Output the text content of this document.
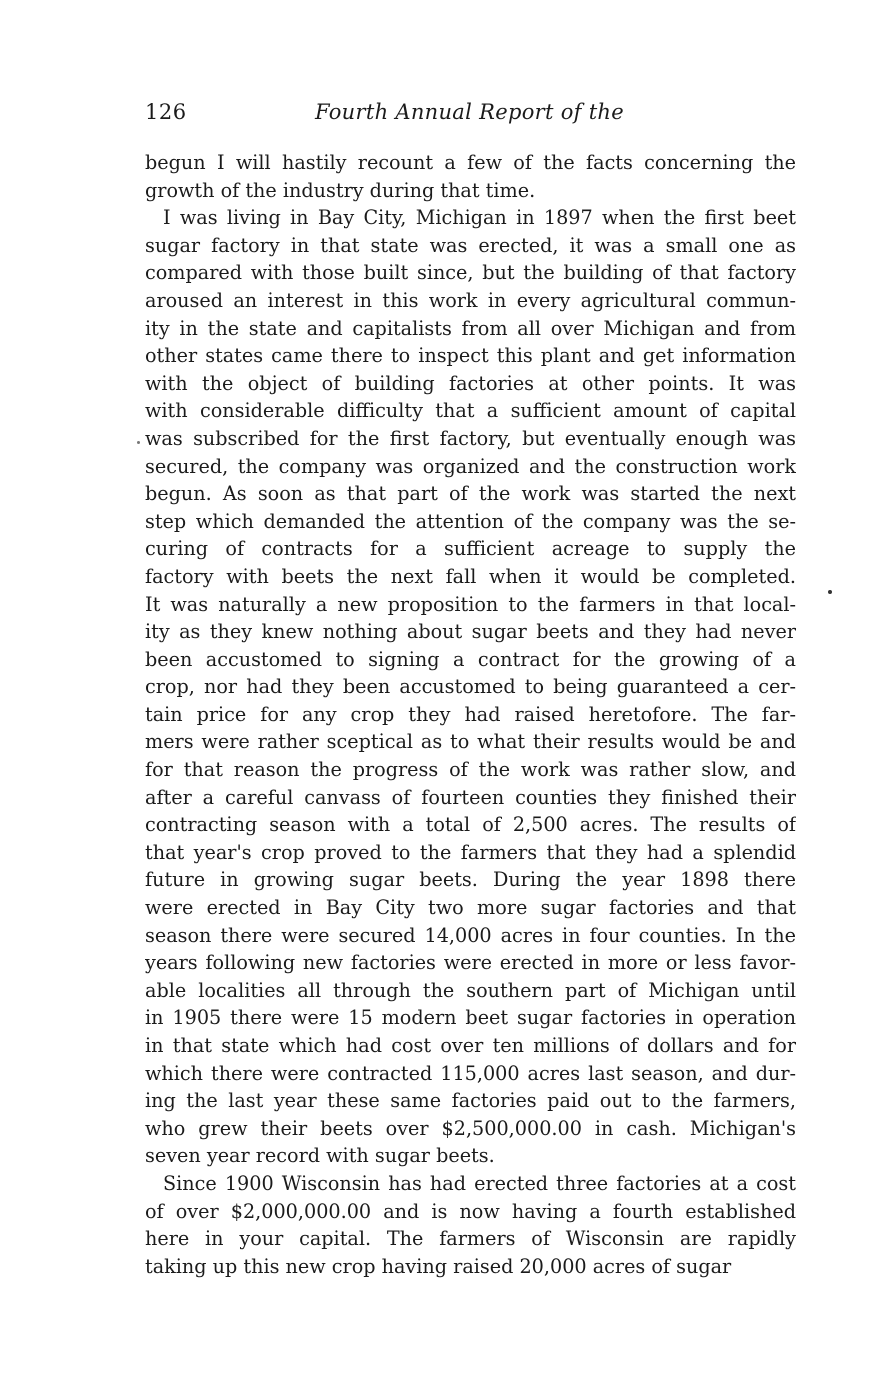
126	Fourth Annual Report of the
begun I will hastily recount a few of the facts concerning the
growth of the industry during that time.
I was living in Bay City, Michigan in 1897 when the first beet
sugar factory in that state was erected, it was a small one as
compared with those built since, but the building of that factory
aroused an interest in this work in every agricultural commun-
ity in the state and capitalists from all over Michigan and from
other states came there to inspect this plant and get information
with the object of building factories at other points. It was
with considerable difficulty that a sufficient amount of capital
was subscribed for the first factory, but eventually enough was
secured, the company was organized and the construction work
begun. As soon as that part of the work was started the next
step which demanded the attention of the company was the se-
curing of contracts for a sufficient acreage to supply the
factory with beets the next fall when it would be completed.
It was naturally a new proposition to the farmers in that local-
ity as they knew nothing about sugar beets and they had never
been accustomed to signing a contract for the growing of a
crop, nor had they been accustomed to being guaranteed a cer-
tain price for any crop they had raised heretofore. The far-
mers were rather sceptical as to what their results would be and
for that reason the progress of the work was rather slow, and
after a careful canvass of fourteen counties they finished their
contracting season with a total of 2,500 acres. The results of
that year's crop proved to the farmers that they had a splendid
future in growing sugar beets. During the year 1898 there
were erected in Bay City two more sugar factories and that
season there were secured 14,000 acres in four counties. In the
years following new factories were erected in more or less favor-
able localities all through the southern part of Michigan until
in 1905 there were 15 modern beet sugar factories in operation
in that state which had cost over ten millions of dollars and for
which there were contracted 115,000 acres last season, and dur-
ing the last year these same factories paid out to the farmers,
who grew their beets over $2,500,000.00 in cash. Michigan's
seven year record with sugar beets.
Since 1900 Wisconsin has had erected three factories at a cost
of over $2,000,000.00 and is now having a fourth established
here in your capital. The farmers of Wisconsin are rapidly
taking up this new crop having raised 20,000 acres of sugar
